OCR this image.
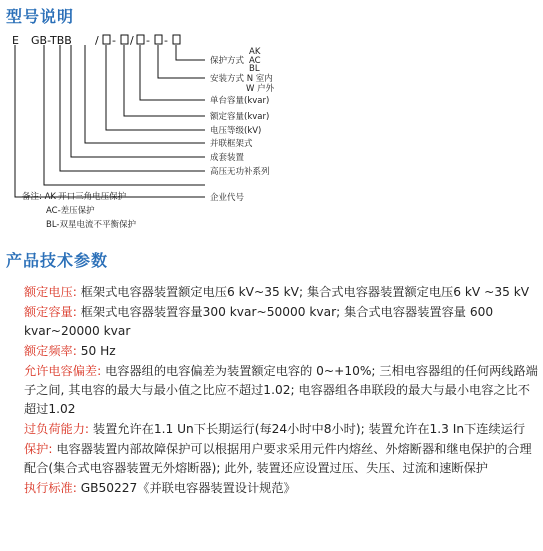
型号说明
E GB-TBB / - / - -
保护方式
AK
AC
BL
安装方式 N 室内
W 户外
单台容量(kvar)
额定容量(kvar)
电压等级(kV)
并联框架式
成套装置
高压无功补系列
企业代号
备注: AK-开口三角电压保护
AC-差压保护
BL-双星电流不平衡保护
产品技术参数

额定电压: 框架式电容器装置额定电压6 kV~35 kV; 集合式电容器装置额定电压6 kV ~35 kV

额定容量: 框架式电容器装置容量300 kvar~50000 kvar; 集合式电容器装置容量 600 kvar~20000 kvar

额定频率: 50 Hz

允许电容偏差: 电容器组的电容偏差为装置额定电容的 0~+10%; 三相电容器组的任何两线路端子之间, 其电容的最大与最小值之比应不超过1.02; 电容器组各串联段的最大与最小电容之比不超过1.02

过负荷能力: 装置允许在1.1 Un下长期运行(每24小时中8小时); 装置允许在1.3 In下连续运行

保护: 电容器装置内部故障保护可以根据用户要求采用元件内熔丝、外熔断器和继电保护的合理配合(集合式电容器装置无外熔断器); 此外, 装置还应设置过压、失压、过流和速断保护

执行标准: GB50227《并联电容器装置设计规范》
